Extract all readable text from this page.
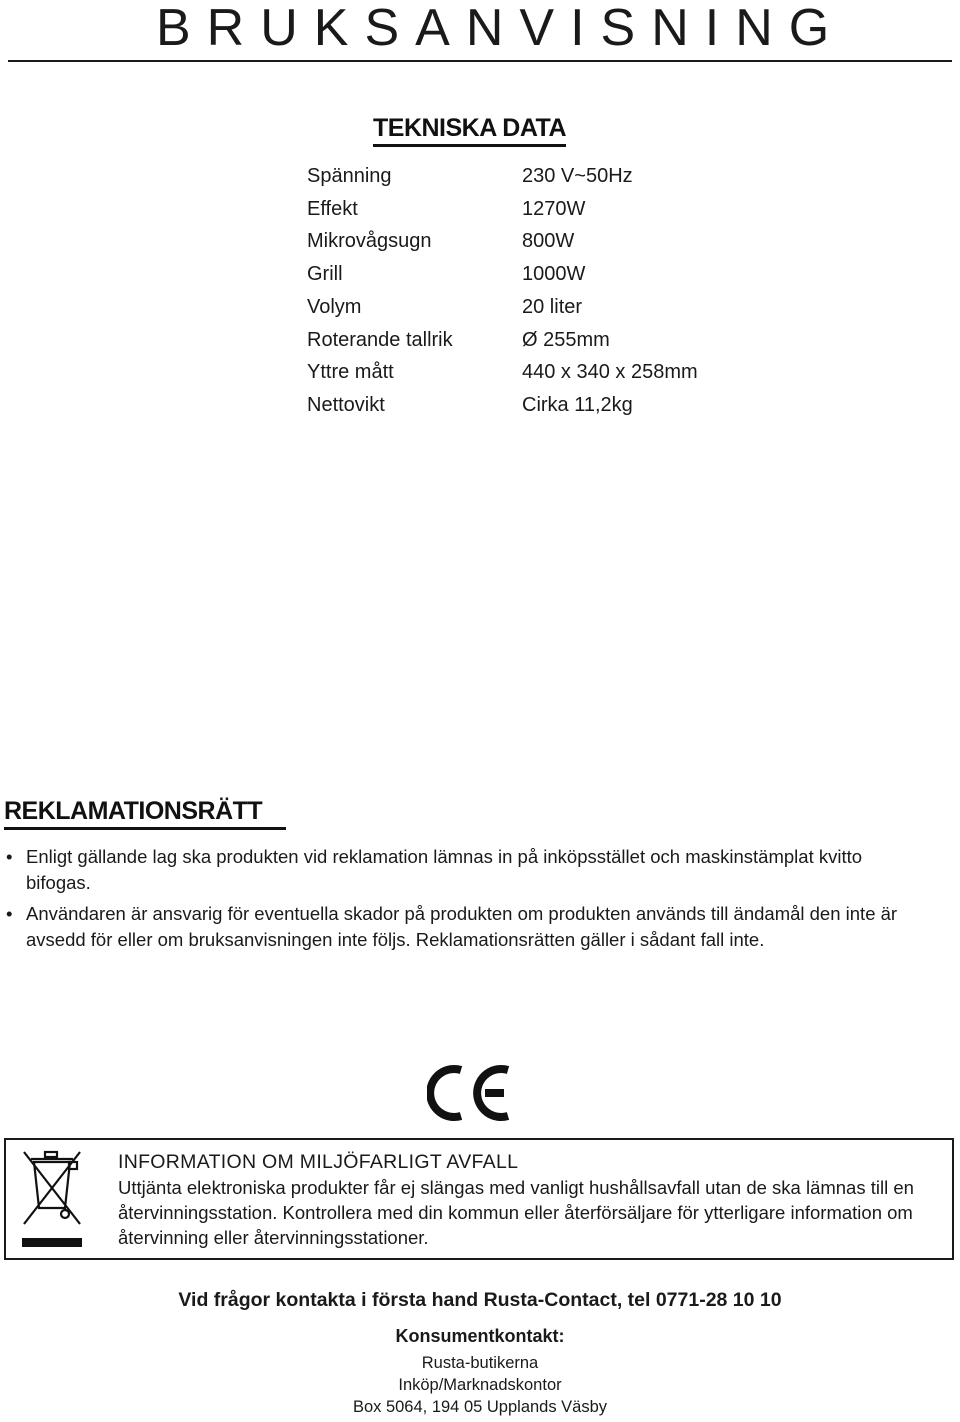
BRUKSANVISNING
TEKNISKA DATA
Spänning	230 V~50Hz
Effekt	1270W
Mikrovågsugn	800W
Grill	1000W
Volym	20 liter
Roterande tallrik	Ø 255mm
Yttre mått	440 x 340 x 258mm
Nettovikt	Cirka 11,2kg
REKLAMATIONSRÄTT
• Enligt gällande lag ska produkten vid reklamation lämnas in på inköpsstället och maskinstämplat kvitto bifogas.
• Användaren är ansvarig för eventuella skador på produkten om produkten används till ändamål den inte är avsedd för eller om bruksanvisningen inte följs. Reklamationsrätten gäller i sådant fall inte.
INFORMATION OM MILJÖFARLIGT AVFALL
Uttjänta elektroniska produkter får ej slängas med vanligt hushållsavfall utan de ska lämnas till en återvinningsstation. Kontrollera med din kommun eller återförsäljare för ytterligare information om återvinning eller återvinningsstationer.
Vid frågor kontakta i första hand Rusta-Contact, tel 0771-28 10 10
Konsumentkontakt:
Rusta-butikerna
Inköp/Marknadskontor
Box 5064, 194 05 Upplands Väsby
